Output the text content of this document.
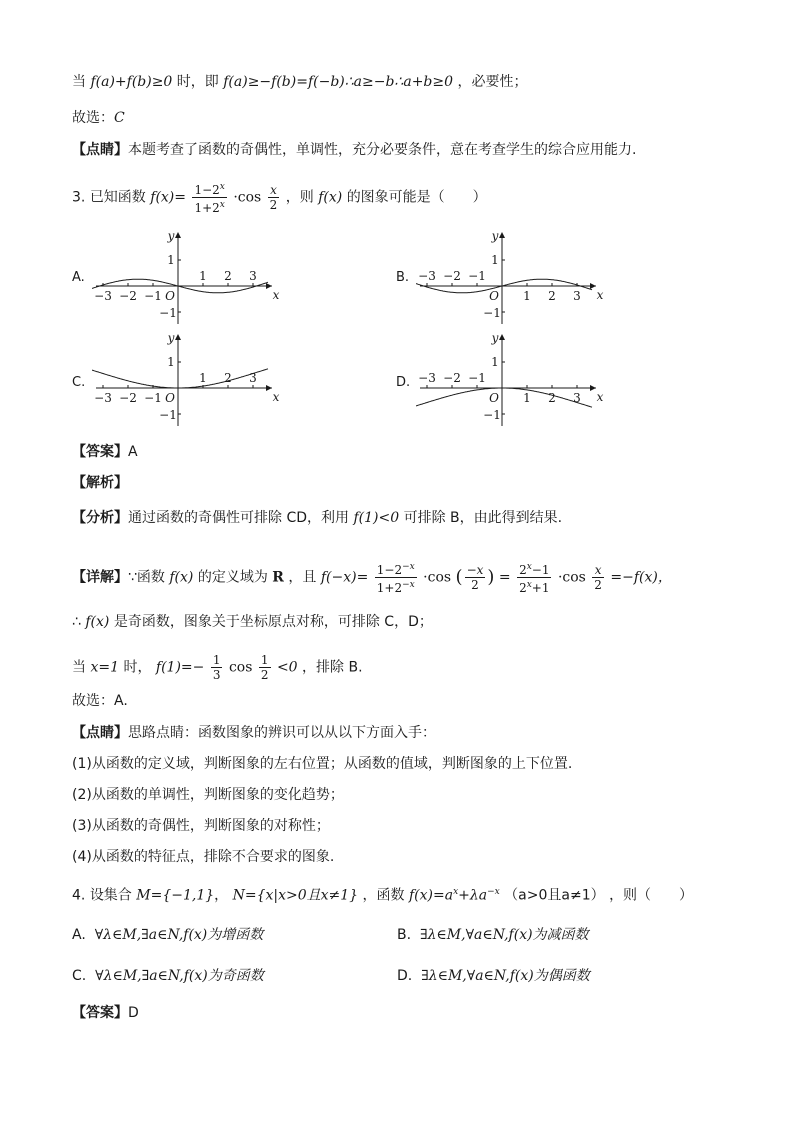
当 f(a)+f(b)≥0 时，即 f(a)≥−f(b)=f(−b)∴a≥−b∴a+b≥0 ，必要性；
故选：C
【点睛】本题考查了函数的奇偶性，单调性，充分必要条件，意在考查学生的综合应用能力.
3. 已知函数 $f(x)= \frac{1-2^x}{1+2^x} \cdot\cos \frac{x}{2}$ ，则 f(x) 的图象可能是（　　）
A.
y
x
1
−1
O
1 2 3
−3 −2 −1
B.
y
x
1
−1
O 1 2 3
−3 −2 −1
C.
y
x
1
−1
O
1 2 3
−3 −2 −1
D.
y
x
1
−1
O 1 2 3
−3 −2 −1
【答案】A
【解析】
【分析】通过函数的奇偶性可排除 CD，利用 f(1)<0 可排除 B，由此得到结果.
【详解】∵函数 f(x) 的定义域为 R ，且 $f(-x)= \frac{1-2^{-x}}{1+2^{-x}} \cdot\cos$ ( $\frac{-x}{2}$ ) = $\frac{2^x-1}{2^x+1} \cdot\cos \frac{x}{2} =-f(x)$，
∴ f(x) 是奇函数，图象关于坐标原点对称，可排除 C，D；
当 x=1 时， $f(1)=- \frac{1}{3}$ $\cos \frac{1}{2} <0$ ，排除 B.
故选：A.
【点睛】思路点睛：函数图象的辨识可以从以下方面入手：
(1)从函数的定义域，判断图象的左右位置；从函数的值域，判断图象的上下位置.
(2)从函数的单调性，判断图象的变化趋势；
(3)从函数的奇偶性，判断图象的对称性；
(4)从函数的特征点，排除不合要求的图象.
4. 设集合 M={−1,1}， N={x|x>0且x≠1} ，函数 $f(x)=a^x+\lambda a^{-x}$ （a>0且a≠1） ，则（　　）
A. ∀λ∈M,∃a∈N,f(x)为增函数	B. ∃λ∈M,∀a∈N,f(x)为减函数
C. ∀λ∈M,∃a∈N,f(x)为奇函数	D. ∃λ∈M,∀a∈N,f(x)为偶函数
【答案】D
